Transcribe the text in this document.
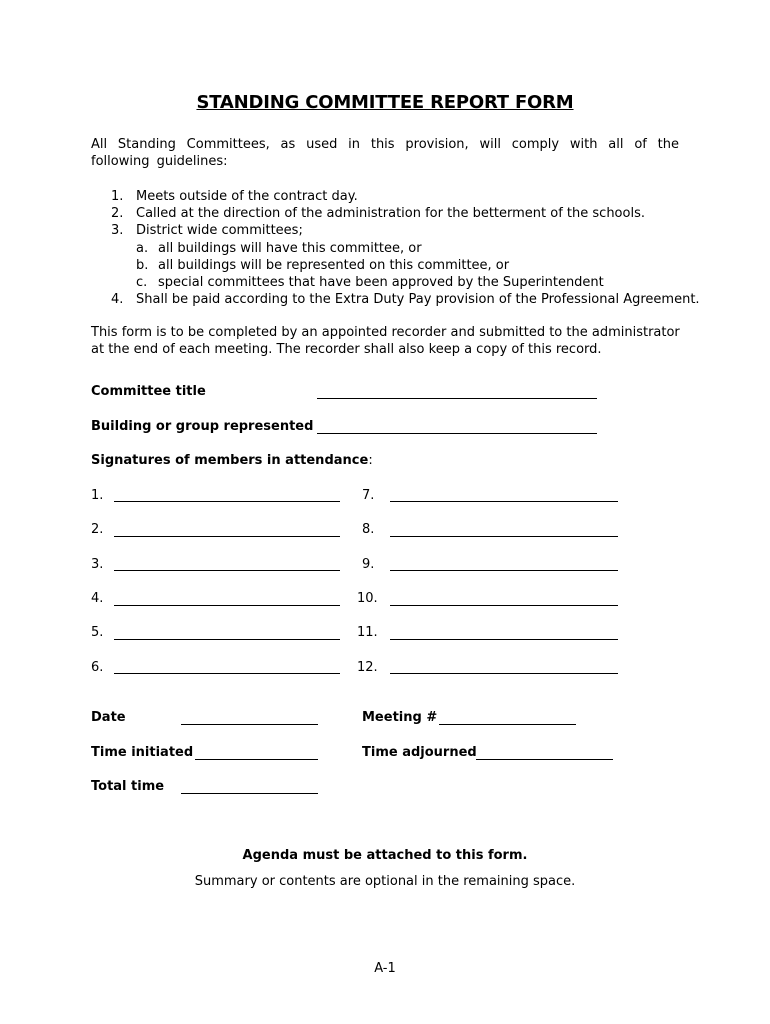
STANDING COMMITTEE REPORT FORM
All Standing Committees, as used in this provision, will comply with all of the following guidelines:
1. Meets outside of the contract day.
2. Called at the direction of the administration for the betterment of the schools.
3. District wide committees;
a. all buildings will have this committee, or
b. all buildings will be represented on this committee, or
c. special committees that have been approved by the Superintendent
4. Shall be paid according to the Extra Duty Pay provision of the Professional Agreement.
This form is to be completed by an appointed recorder and submitted to the administrator at the end of each meeting. The recorder shall also keep a copy of this record.
Committee title
Building or group represented
Signatures of members in attendance:
1.
2.
3.
4.
5.
6.
7.
8.
9.
10.
11.
12.
Date	Meeting #
Time initiated	Time adjourned
Total time
Agenda must be attached to this form.
Summary or contents are optional in the remaining space.
A-1
